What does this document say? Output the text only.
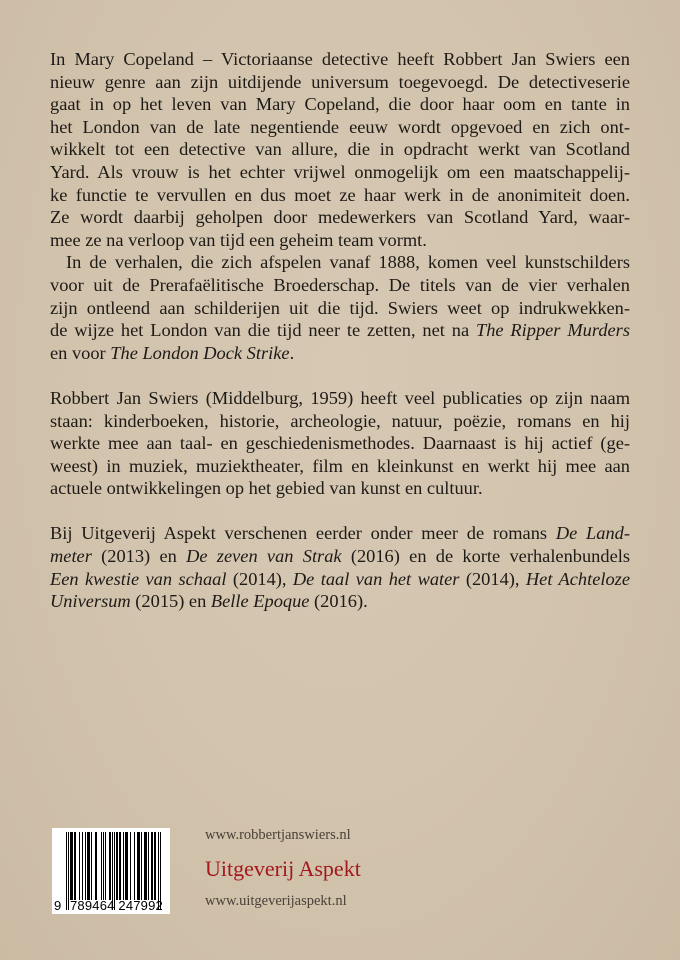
In Mary Copeland – Victoriaanse detective heeft Robbert Jan Swiers een
nieuw genre aan zijn uitdijende universum toegevoegd. De detectiveserie
gaat in op het leven van Mary Copeland, die door haar oom en tante in
het London van de late negentiende eeuw wordt opgevoed en zich ont-
wikkelt tot een detective van allure, die in opdracht werkt van Scotland
Yard. Als vrouw is het echter vrijwel onmogelijk om een maatschappelij-
ke functie te vervullen en dus moet ze haar werk in de anonimiteit doen.
Ze wordt daarbij geholpen door medewerkers van Scotland Yard, waar-
mee ze na verloop van tijd een geheim team vormt.

In de verhalen, die zich afspelen vanaf 1888, komen veel kunstschilders
voor uit de Prerafaëlitische Broederschap. De titels van de vier verhalen
zijn ontleend aan schilderijen uit die tijd. Swiers weet op indrukwekken-
de wijze het London van die tijd neer te zetten, net na The Ripper Murders
en voor The London Dock Strike.

Robbert Jan Swiers (Middelburg, 1959) heeft veel publicaties op zijn naam
staan: kinderboeken, historie, archeologie, natuur, poëzie, romans en hij
werkte mee aan taal- en geschiedenismethodes. Daarnaast is hij actief (ge-
weest) in muziek, muziektheater, film en kleinkunst en werkt hij mee aan
actuele ontwikkelingen op het gebied van kunst en cultuur.

Bij Uitgeverij Aspekt verschenen eerder onder meer de romans De Land-
meter (2013) en De zeven van Strak (2016) en de korte verhalenbundels
Een kwestie van schaal (2014), De taal van het water (2014), Het Achteloze
Universum (2015) en Belle Epoque (2016).

9 789464 247992
www.robbertjanswiers.nl
Uitgeverij Aspekt
www.uitgeverijaspekt.nl
